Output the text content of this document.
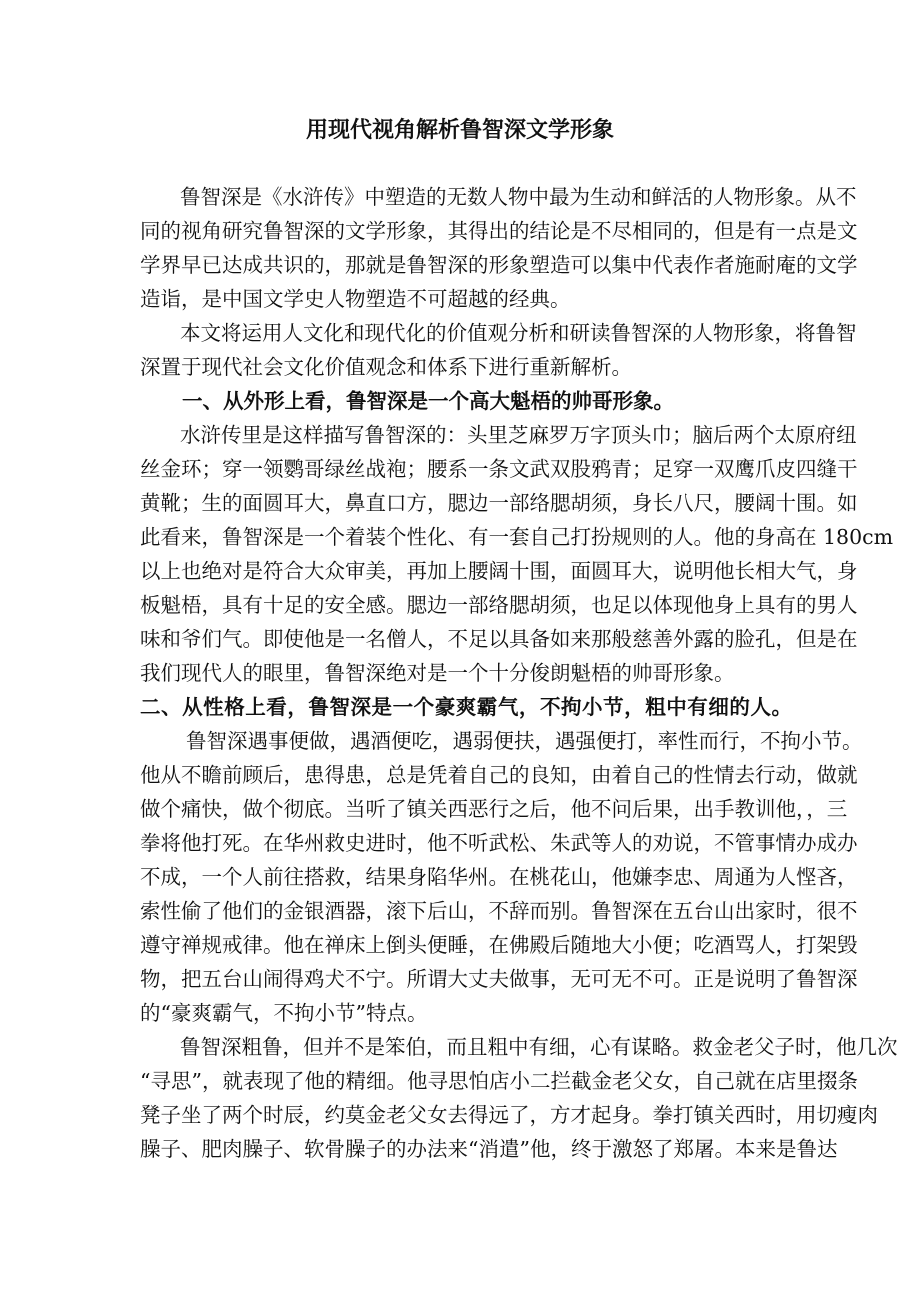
用现代视角解析鲁智深文学形象
鲁智深是《水浒传》中塑造的无数人物中最为生动和鲜活的人物形象。从不
同的视角研究鲁智深的文学形象，其得出的结论是不尽相同的，但是有一点是文
学界早已达成共识的，那就是鲁智深的形象塑造可以集中代表作者施耐庵的文学
造诣，是中国文学史人物塑造不可超越的经典。
本文将运用人文化和现代化的价值观分析和研读鲁智深的人物形象，将鲁智
深置于现代社会文化价值观念和体系下进行重新解析。
一、从外形上看，鲁智深是一个高大魁梧的帅哥形象。
水浒传里是这样描写鲁智深的：头里芝麻罗万字顶头巾；脑后两个太原府纽
丝金环；穿一领鹦哥绿丝战袍；腰系一条文武双股鸦青；足穿一双鹰爪皮四缝干
黄靴；生的面圆耳大，鼻直口方，腮边一部络腮胡须，身长八尺，腰阔十围。如
此看来，鲁智深是一个着装个性化、有一套自己打扮规则的人。他的身高在 180cm
以上也绝对是符合大众审美，再加上腰阔十围，面圆耳大，说明他长相大气，身
板魁梧，具有十足的安全感。腮边一部络腮胡须，也足以体现他身上具有的男人
味和爷们气。即使他是一名僧人，不足以具备如来那般慈善外露的脸孔，但是在
我们现代人的眼里，鲁智深绝对是一个十分俊朗魁梧的帅哥形象。
二、从性格上看，鲁智深是一个豪爽霸气，不拘小节，粗中有细的人。
鲁智深遇事便做，遇酒便吃，遇弱便扶，遇强便打，率性而行，不拘小节。
他从不瞻前顾后，患得患，总是凭着自己的良知，由着自己的性情去行动，做就
做个痛快，做个彻底。当听了镇关西恶行之后，他不问后果，出手教训他，，三
拳将他打死。在华州救史进时，他不听武松、朱武等人的劝说，不管事情办成办
不成，一个人前往搭救，结果身陷华州。在桃花山，他嫌李忠、周通为人悭吝，
索性偷了他们的金银酒器，滚下后山，不辞而别。鲁智深在五台山出家时，很不
遵守禅规戒律。他在禅床上倒头便睡，在佛殿后随地大小便；吃酒骂人，打架毁
物，把五台山闹得鸡犬不宁。所谓大丈夫做事，无可无不可。正是说明了鲁智深
的“豪爽霸气，不拘小节”特点。
鲁智深粗鲁，但并不是笨伯，而且粗中有细，心有谋略。救金老父子时，他几次
“寻思”，就表现了他的精细。他寻思怕店小二拦截金老父女，自己就在店里掇条
凳子坐了两个时辰，约莫金老父女去得远了，方才起身。拳打镇关西时，用切瘦肉
臊子、肥肉臊子、软骨臊子的办法来“消遣”他，终于激怒了郑屠。本来是鲁达
